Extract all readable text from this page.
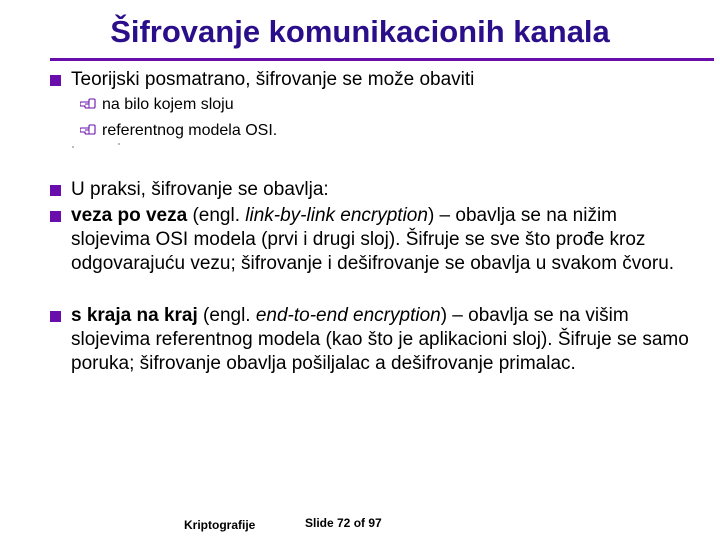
Šifrovanje komunikacionih kanala
Teorijski posmatrano, šifrovanje se može obaviti
na bilo kojem sloju
referentnog modela OSI.
U praksi, šifrovanje se obavlja:
veza po veza (engl. link-by-link encryption) – obavlja se na nižim slojevima OSI modela (prvi i drugi sloj). Šifruje se sve što prođe kroz odgovarajuću vezu; šifrovanje i dešifrovanje se obavlja u svakom čvoru.
s kraja na kraj (engl. end-to-end encryption) – obavlja se na višim slojevima referentnog modela (kao što je aplikacioni sloj). Šifruje se samo poruka; šifrovanje obavlja pošiljalac a dešifrovanje primalac.
Kriptografije	Slide 72 of 97
